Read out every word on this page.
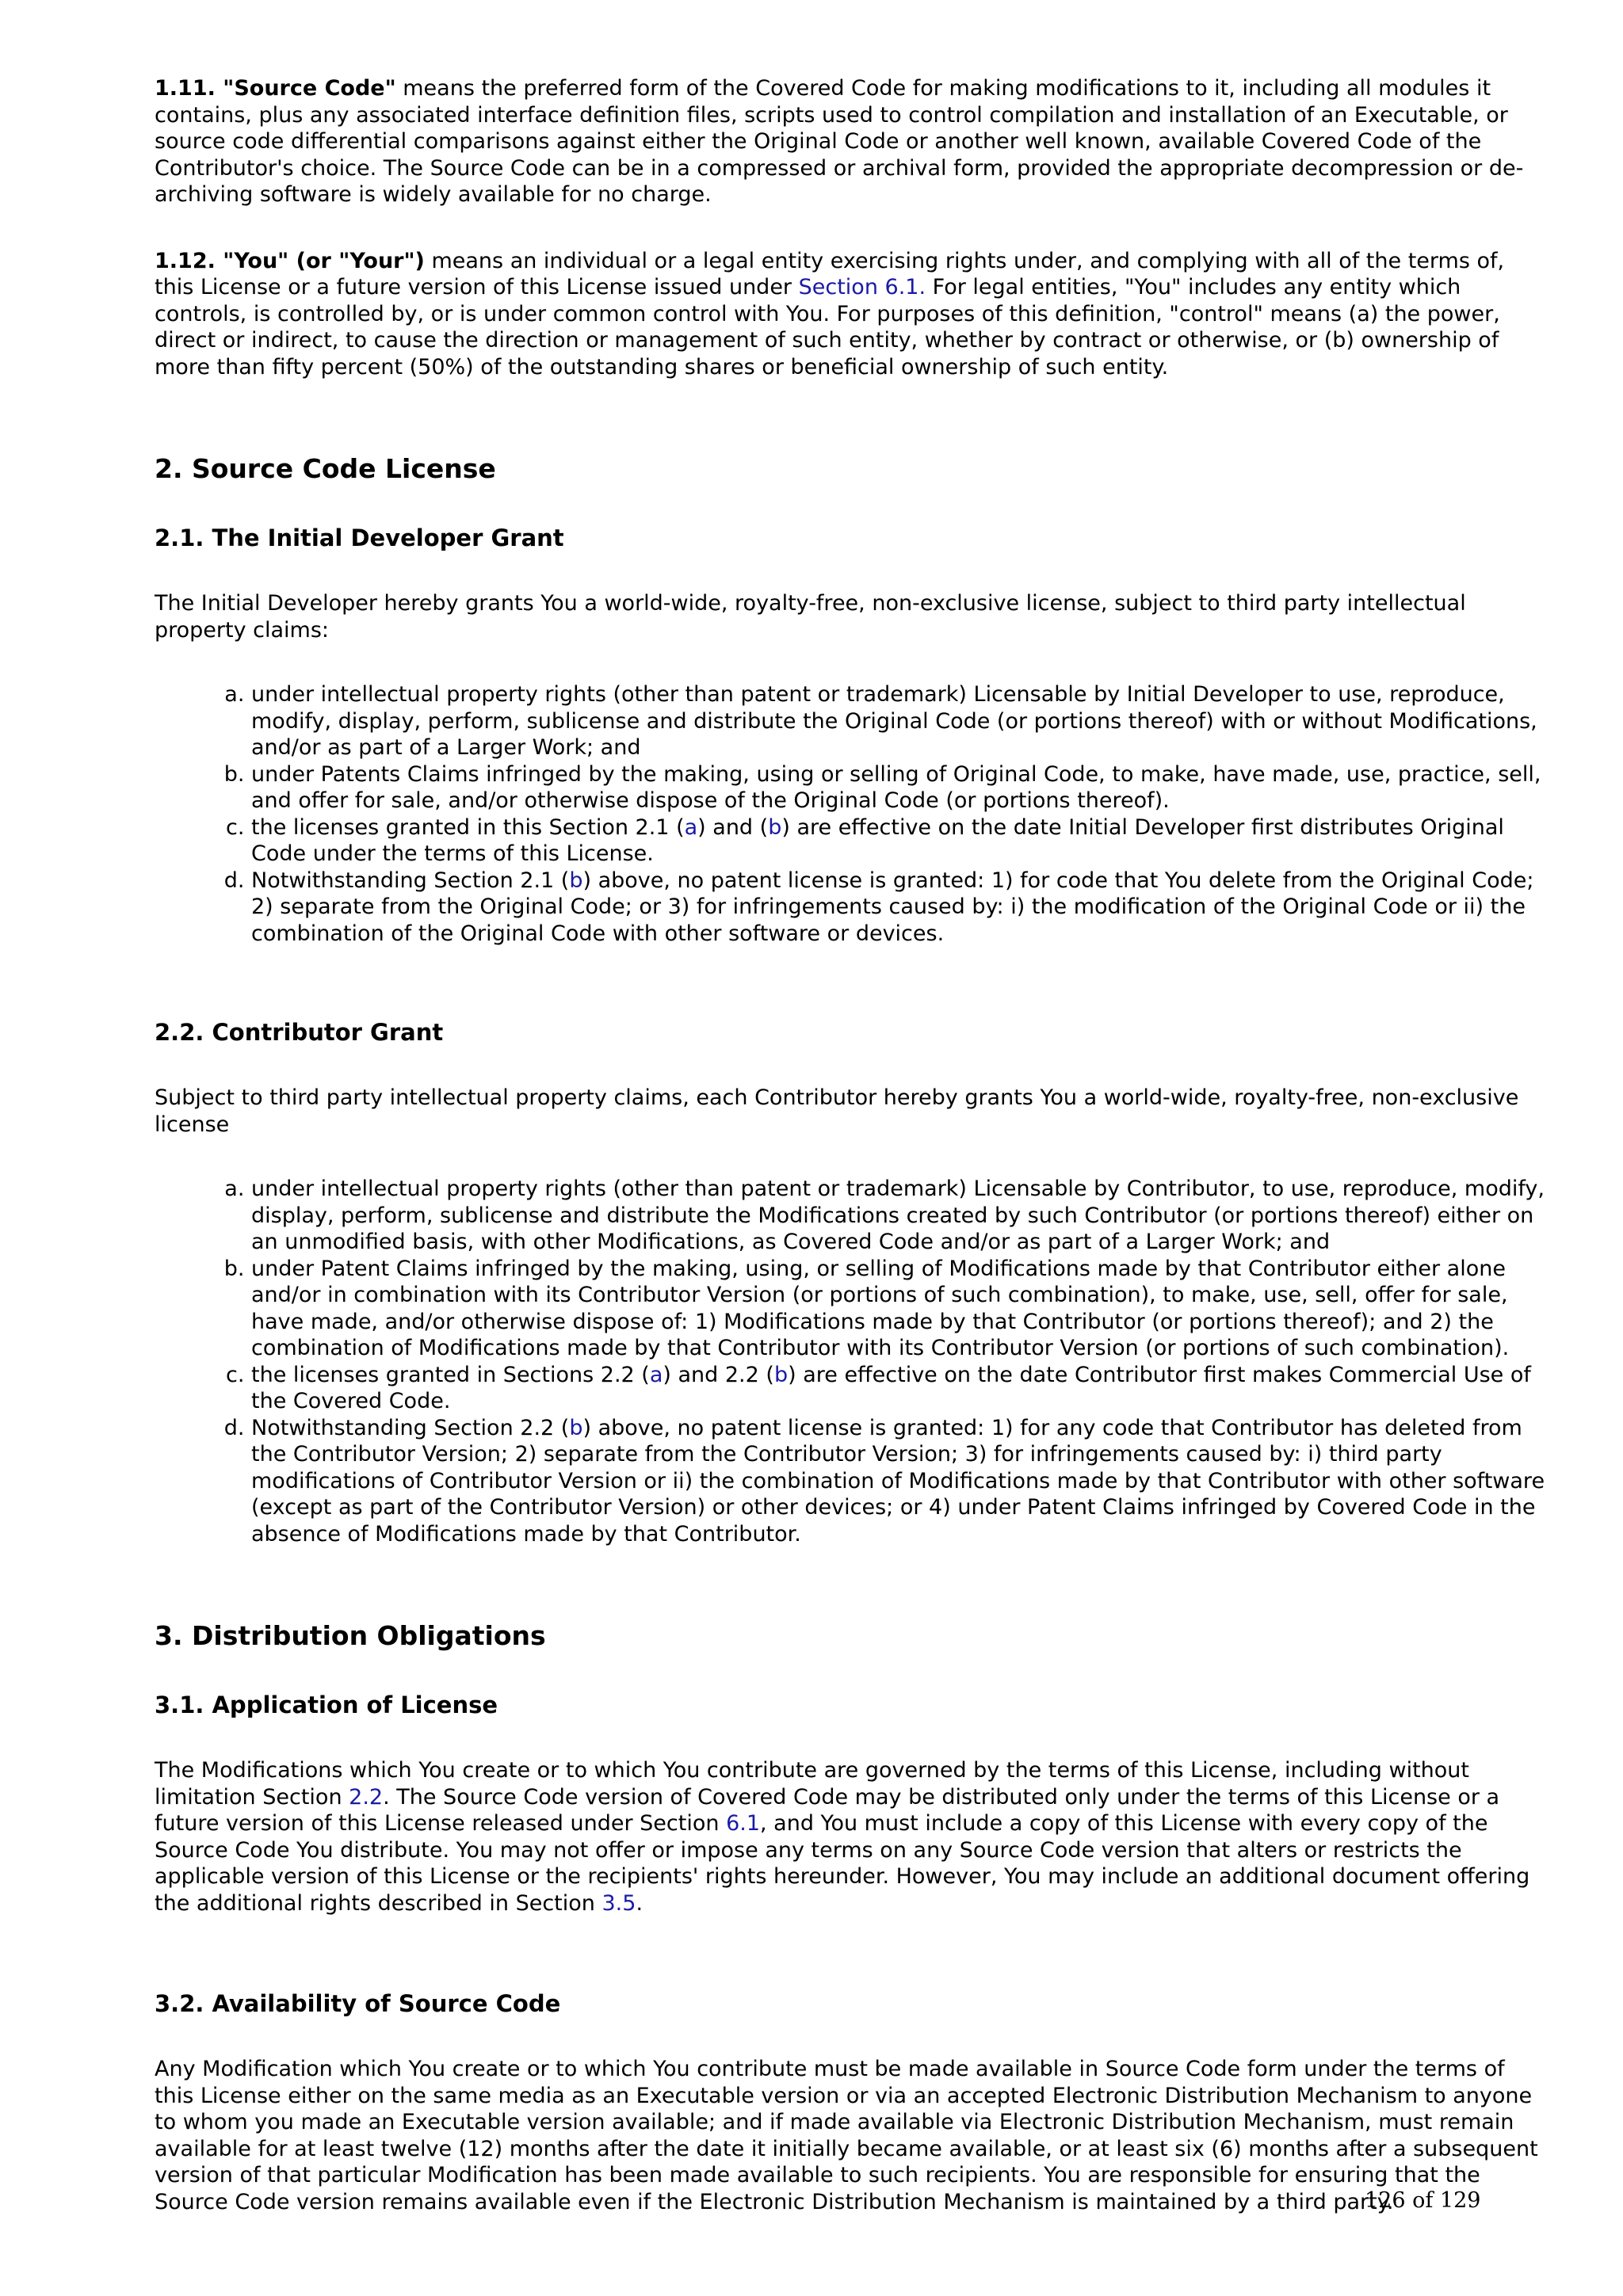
1.11. "Source Code" means the preferred form of the Covered Code for making modifications to it, including all modules it contains, plus any associated interface definition files, scripts used to control compilation and installation of an Executable, or source code differential comparisons against either the Original Code or another well known, available Covered Code of the Contributor's choice. The Source Code can be in a compressed or archival form, provided the appropriate decompression or de-archiving software is widely available for no charge.

1.12. "You" (or "Your") means an individual or a legal entity exercising rights under, and complying with all of the terms of, this License or a future version of this License issued under Section 6.1. For legal entities, "You" includes any entity which controls, is controlled by, or is under common control with You. For purposes of this definition, "control" means (a) the power, direct or indirect, to cause the direction or management of such entity, whether by contract or otherwise, or (b) ownership of more than fifty percent (50%) of the outstanding shares or beneficial ownership of such entity.

2. Source Code License
2.1. The Initial Developer Grant

The Initial Developer hereby grants You a world-wide, royalty-free, non-exclusive license, subject to third party intellectual property claims:

a. under intellectual property rights (other than patent or trademark) Licensable by Initial Developer to use, reproduce, modify, display, perform, sublicense and distribute the Original Code (or portions thereof) with or without Modifications, and/or as part of a Larger Work; and
b. under Patents Claims infringed by the making, using or selling of Original Code, to make, have made, use, practice, sell, and offer for sale, and/or otherwise dispose of the Original Code (or portions thereof).
c. the licenses granted in this Section 2.1 (a) and (b) are effective on the date Initial Developer first distributes Original Code under the terms of this License.
d. Notwithstanding Section 2.1 (b) above, no patent license is granted: 1) for code that You delete from the Original Code; 2) separate from the Original Code; or 3) for infringements caused by: i) the modification of the Original Code or ii) the combination of the Original Code with other software or devices.
2.2. Contributor Grant

Subject to third party intellectual property claims, each Contributor hereby grants You a world-wide, royalty-free, non-exclusive license

a. under intellectual property rights (other than patent or trademark) Licensable by Contributor, to use, reproduce, modify, display, perform, sublicense and distribute the Modifications created by such Contributor (or portions thereof) either on an unmodified basis, with other Modifications, as Covered Code and/or as part of a Larger Work; and
b. under Patent Claims infringed by the making, using, or selling of Modifications made by that Contributor either alone and/or in combination with its Contributor Version (or portions of such combination), to make, use, sell, offer for sale, have made, and/or otherwise dispose of: 1) Modifications made by that Contributor (or portions thereof); and 2) the combination of Modifications made by that Contributor with its Contributor Version (or portions of such combination).
c. the licenses granted in Sections 2.2 (a) and 2.2 (b) are effective on the date Contributor first makes Commercial Use of the Covered Code.
d. Notwithstanding Section 2.2 (b) above, no patent license is granted: 1) for any code that Contributor has deleted from the Contributor Version; 2) separate from the Contributor Version; 3) for infringements caused by: i) third party modifications of Contributor Version or ii) the combination of Modifications made by that Contributor with other software (except as part of the Contributor Version) or other devices; or 4) under Patent Claims infringed by Covered Code in the absence of Modifications made by that Contributor.
3. Distribution Obligations
3.1. Application of License

The Modifications which You create or to which You contribute are governed by the terms of this License, including without limitation Section 2.2. The Source Code version of Covered Code may be distributed only under the terms of this License or a future version of this License released under Section 6.1, and You must include a copy of this License with every copy of the Source Code You distribute. You may not offer or impose any terms on any Source Code version that alters or restricts the applicable version of this License or the recipients' rights hereunder. However, You may include an additional document offering the additional rights described in Section 3.5.

3.2. Availability of Source Code

Any Modification which You create or to which You contribute must be made available in Source Code form under the terms of this License either on the same media as an Executable version or via an accepted Electronic Distribution Mechanism to anyone to whom you made an Executable version available; and if made available via Electronic Distribution Mechanism, must remain available for at least twelve (12) months after the date it initially became available, or at least six (6) months after a subsequent version of that particular Modification has been made available to such recipients. You are responsible for ensuring that the Source Code version remains available even if the Electronic Distribution Mechanism is maintained by a third party.

126 of 129
